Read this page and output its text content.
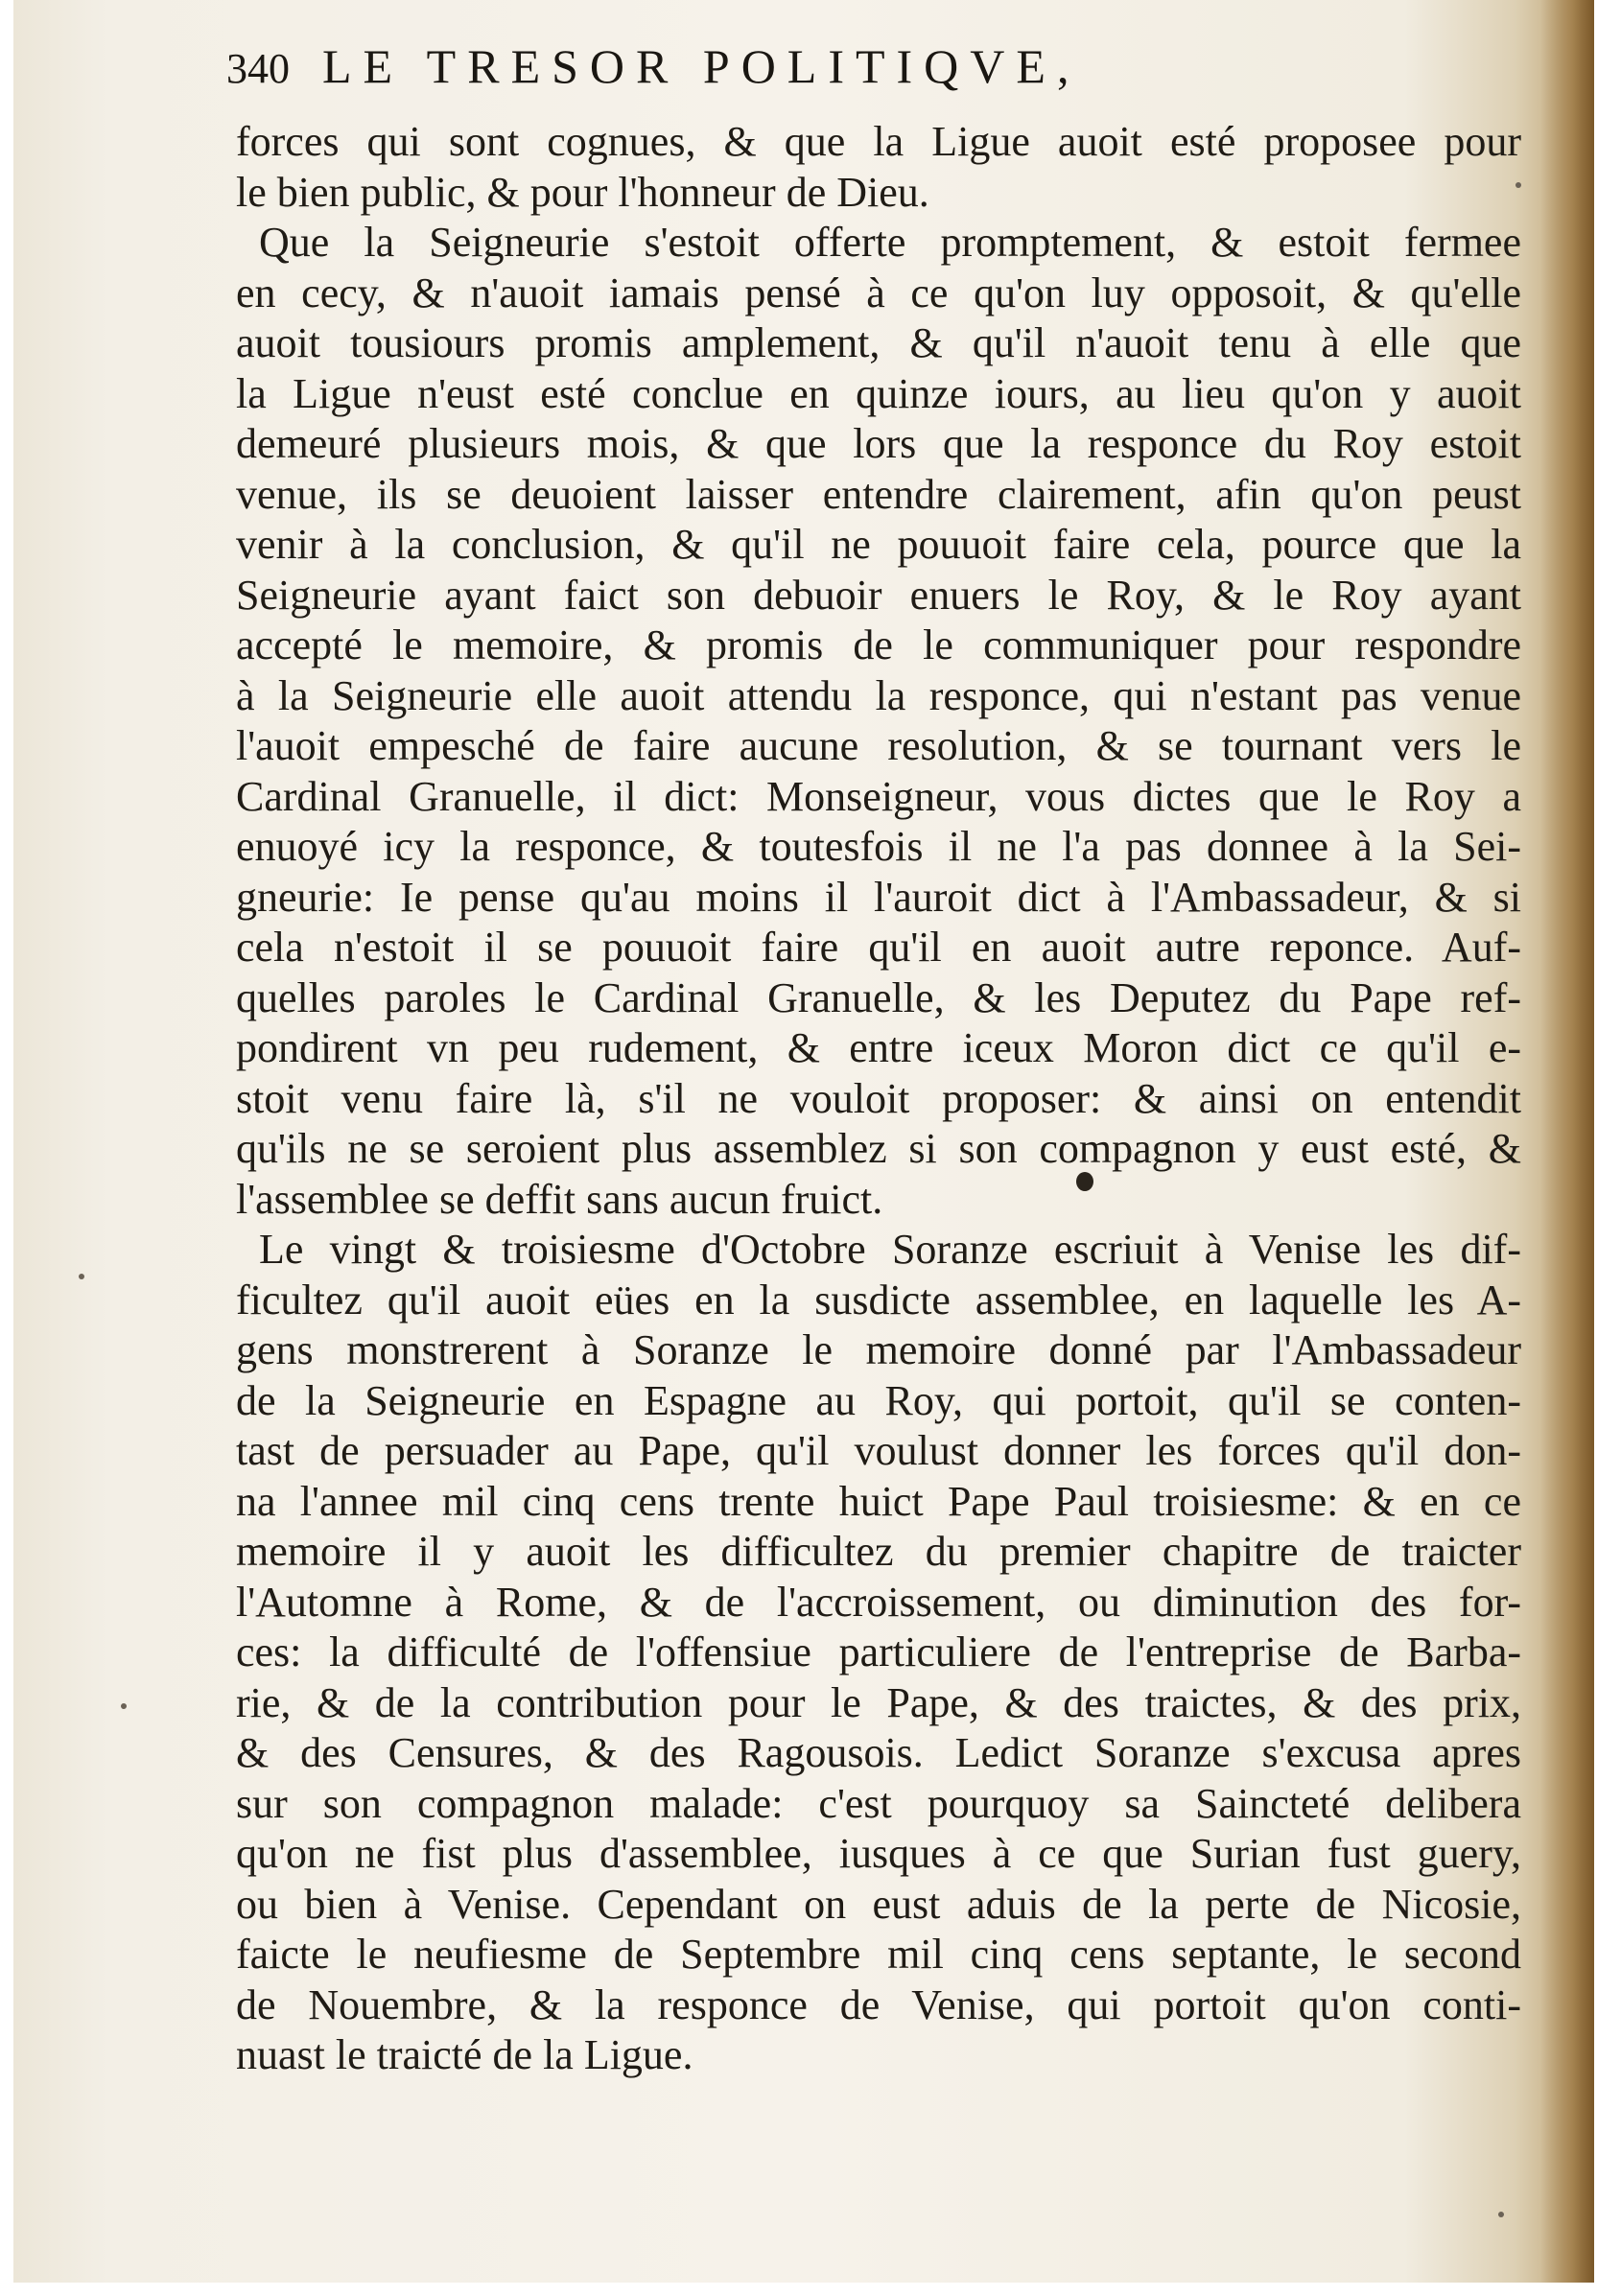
340 LE TRESOR POLITIQVE,
forces qui sont cognues, & que la Ligue auoit esté proposee pour
le bien public, & pour l'honneur de Dieu.
Que la Seigneurie s'estoit offerte promptement, & estoit fermee
en cecy, & n'auoit iamais pensé à ce qu'on luy opposoit, & qu'elle
auoit tousiours promis amplement, & qu'il n'auoit tenu à elle que
la Ligue n'eust esté conclue en quinze iours, au lieu qu'on y auoit
demeuré plusieurs mois, & que lors que la responce du Roy estoit
venue, ils se deuoient laisser entendre clairement, afin qu'on peust
venir à la conclusion, & qu'il ne pouuoit faire cela, pource que la
Seigneurie ayant faict son debuoir enuers le Roy, & le Roy ayant
accepté le memoire, & promis de le communiquer pour respondre
à la Seigneurie elle auoit attendu la responce, qui n'estant pas venue
l'auoit empesché de faire aucune resolution, & se tournant vers le
Cardinal Granuelle, il dict: Monseigneur, vous dictes que le Roy a
enuoyé icy la responce, & toutesfois il ne l'a pas donnee à la Sei-
gneurie: Ie pense qu'au moins il l'auroit dict à l'Ambassadeur, & si
cela n'estoit il se pouuoit faire qu'il en auoit autre reponce. Auf-
quelles paroles le Cardinal Granuelle, & les Deputez du Pape ref-
pondirent vn peu rudement, & entre iceux Moron dict ce qu'il e-
stoit venu faire là, s'il ne vouloit proposer: & ainsi on entendit
qu'ils ne se seroient plus assemblez si son compagnon y eust esté, &
l'assemblee se deffit sans aucun fruict.
Le vingt & troisiesme d'Octobre Soranze escriuit à Venise les dif-
ficultez qu'il auoit eües en la susdicte assemblee, en laquelle les A-
gens monstrerent à Soranze le memoire donné par l'Ambassadeur
de la Seigneurie en Espagne au Roy, qui portoit, qu'il se conten-
tast de persuader au Pape, qu'il voulust donner les forces qu'il don-
na l'annee mil cinq cens trente huict Pape Paul troisiesme: & en ce
memoire il y auoit les difficultez du premier chapitre de traicter
l'Automne à Rome, & de l'accroissement, ou diminution des for-
ces: la difficulté de l'offensiue particuliere de l'entreprise de Barba-
rie, & de la contribution pour le Pape, & des traictes, & des prix,
& des Censures, & des Ragousois. Ledict Soranze s'excusa apres
sur son compagnon malade: c'est pourquoy sa Saincteté delibera
qu'on ne fist plus d'assemblee, iusques à ce que Surian fust guery,
ou bien à Venise. Cependant on eust aduis de la perte de Nicosie,
faicte le neufiesme de Septembre mil cinq cens septante, le second
de Nouembre, & la responce de Venise, qui portoit qu'on conti-
nuast le traicté de la Ligue.
